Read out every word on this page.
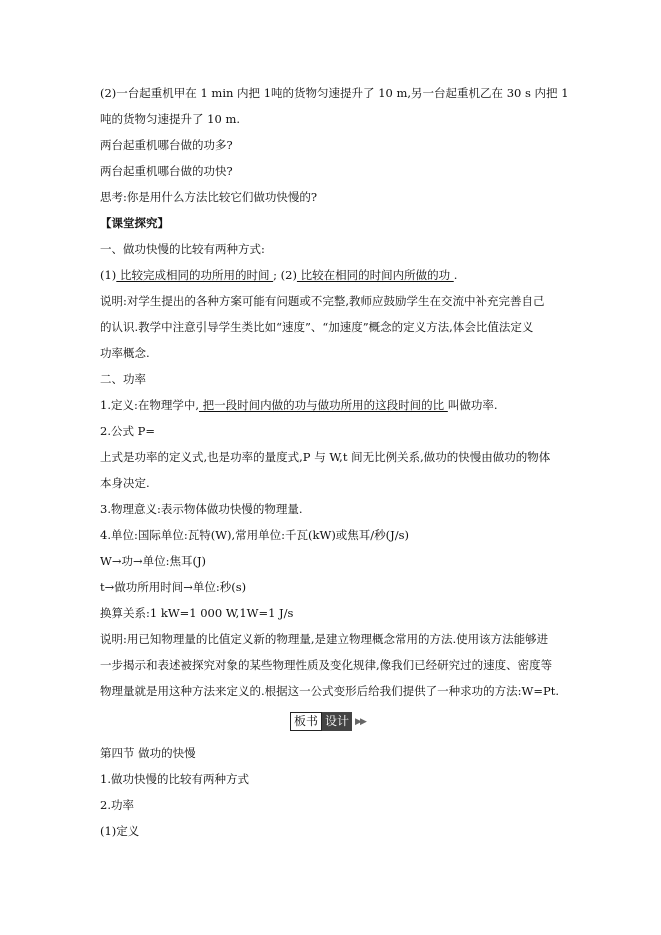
(2)一台起重机甲在 1 min 内把 1吨的货物匀速提升了 10 m,另一台起重机乙在 30 s 内把 1
吨的货物匀速提升了 10 m.
两台起重机哪台做的功多?
两台起重机哪台做的功快?
思考:你是用什么方法比较它们做功快慢的?
【课堂探究】
一、做功快慢的比较有两种方式:
(1) 比较完成相同的功所用的时间 ; (2) 比较在相同的时间内所做的功 .
说明:对学生提出的各种方案可能有问题或不完整,教师应鼓励学生在交流中补充完善自己
的认识.教学中注意引导学生类比如“速度”、“加速度”概念的定义方法,体会比值法定义
功率概念.
二、功率
1.定义:在物理学中, 把一段时间内做的功与做功所用的这段时间的比 叫做功率.
2.公式 P=
上式是功率的定义式,也是功率的量度式,P 与 W,t 间无比例关系,做功的快慢由做功的物体
本身决定.
3.物理意义:表示物体做功快慢的物理量.
4.单位:国际单位:瓦特(W),常用单位:千瓦(kW)或焦耳/秒(J/s)
W→功→单位:焦耳(J)
t→做功所用时间→单位:秒(s)
换算关系:1 kW=1 000 W,1W=1 J/s
说明:用已知物理量的比值定义新的物理量,是建立物理概念常用的方法.使用该方法能够进
一步揭示和表述被探究对象的某些物理性质及变化规律,像我们已经研究过的速度、密度等
物理量就是用这种方法来定义的.根据这一公式变形后给我们提供了一种求功的方法:W=Pt.
板书 设计 ▶▶
第四节 做功的快慢
1.做功快慢的比较有两种方式
2.功率
(1)定义
